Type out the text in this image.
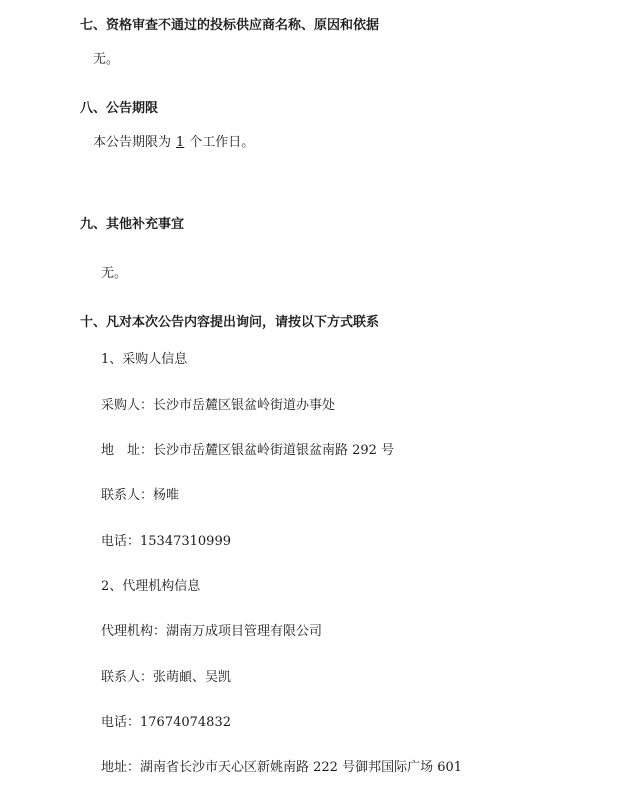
七、资格审查不通过的投标供应商名称、原因和依据
无。
八、公告期限
本公告期限为 1 个工作日。
九、其他补充事宜
无。
十、凡对本次公告内容提出询问，请按以下方式联系
1、采购人信息
采购人：长沙市岳麓区银盆岭街道办事处
地　址：长沙市岳麓区银盆岭街道银盆南路 292 号
联系人：杨唯
电话：15347310999
2、代理机构信息
代理机构：湖南万成项目管理有限公司
联系人：张萌頔、吴凯
电话：17674074832
地址：湖南省长沙市天心区新姚南路 222 号御邦国际广场 601
